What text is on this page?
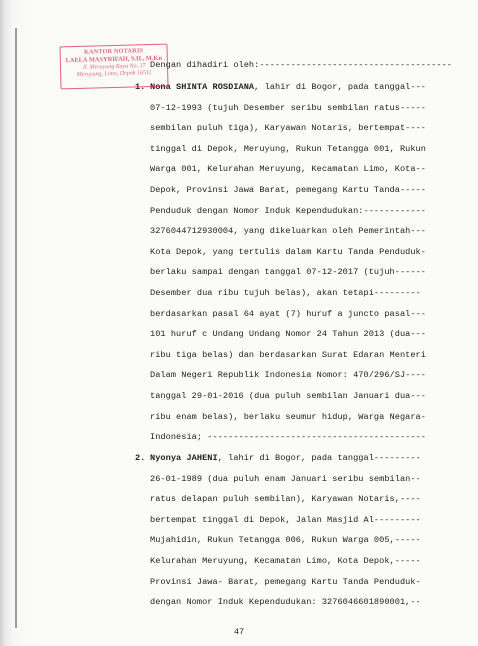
Dengan dihadiri oleh:-------------------------------------
1. Nona SHINTA ROSDIANA, lahir di Bogor, pada tanggal---
07-12-1993 (tujuh Desember seribu sembilan ratus-----
sembilan puluh tiga), Karyawan Notaris, bertempat----
tinggal di Depok, Meruyung, Rukun Tetangga 001, Rukun
Warga 001, Kelurahan Meruyung, Kecamatan Limo, Kota--
Depok, Provinsi Jawa Barat, pemegang Kartu Tanda-----
Penduduk dengan Nomor Induk Kependudukan:------------
3276044712930004, yang dikeluarkan oleh Pemerintah---
Kota Depok, yang tertulis dalam Kartu Tanda Penduduk-
berlaku sampai dengan tanggal 07-12-2017 (tujuh------
Desember dua ribu tujuh belas), akan tetapi---------
berdasarkan pasal 64 ayat (7) huruf a juncto pasal---
101 huruf c Undang Undang Nomor 24 Tahun 2013 (dua---
ribu tiga belas) dan berdasarkan Surat Edaran Menteri
Dalam Negeri Republik Indonesia Nomor: 470/296/SJ----
tanggal 29-01-2016 (dua puluh sembilan Januari dua---
ribu enam belas), berlaku seumur hidup, Warga Negara-
Indonesia; ------------------------------------------
2. Nyonya JAHENI, lahir di Bogor, pada tanggal---------
26-01-1989 (dua puluh enam Januari seribu sembilan--
ratus delapan puluh sembilan), Karyawan Notaris,----
bertempat tinggal di Depok, Jalan Masjid Al---------
Mujahidin, Rukun Tetangga 006, Rukun Warga 005,-----
Kelurahan Meruyung, Kecamatan Limo, Kota Depok,-----
Provinsi Jawa- Barat, pemegang Kartu Tanda Penduduk-
dengan Nomor Induk Kependudukan: 3276046601890001,--
KANTOR NOTARIS
LAELA MASYRIFAH, S.H., M.Kn
Jl. Meruyung Raya No. 37
Meruyung, Limo, Depok 16511
47
